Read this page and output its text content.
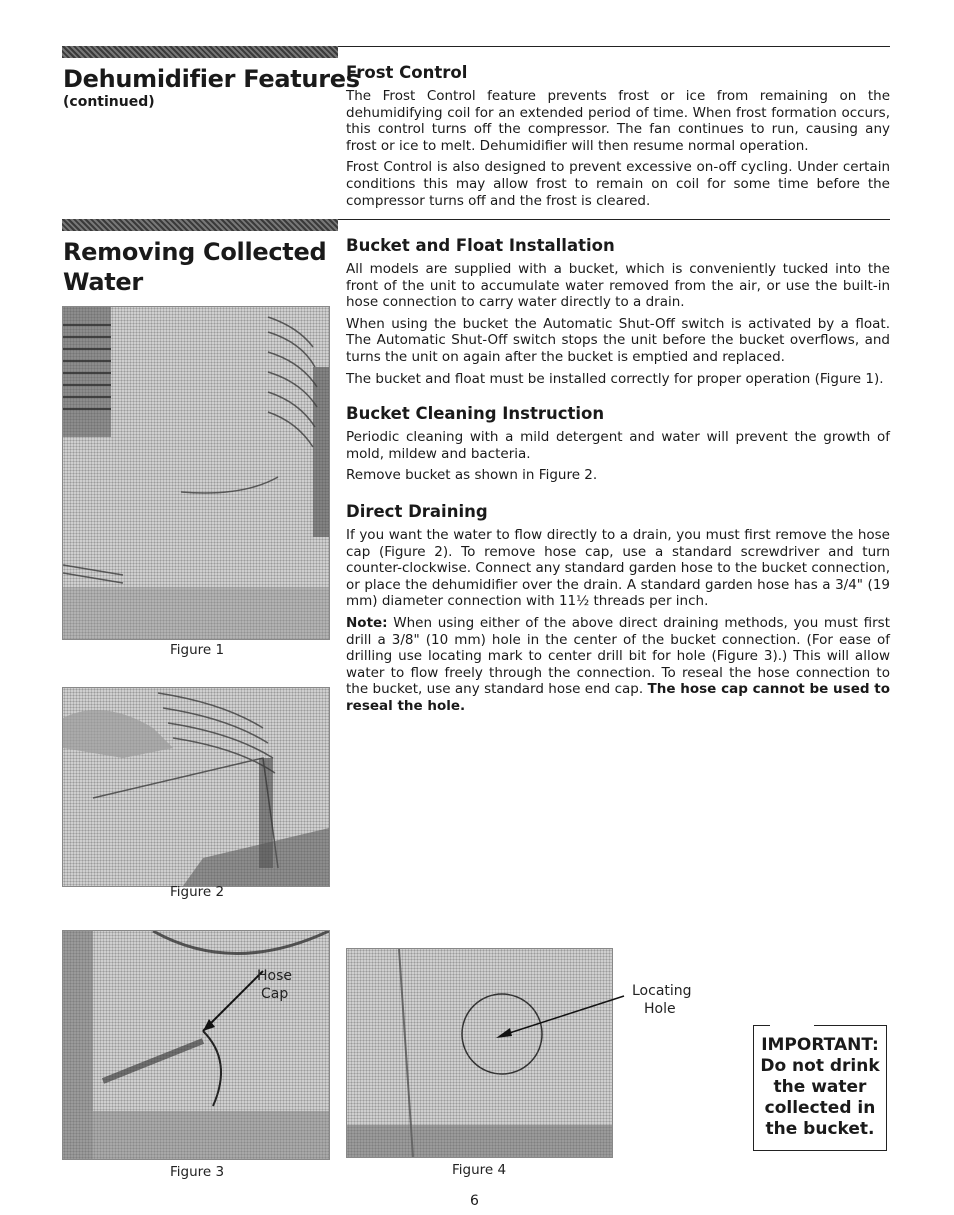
Dehumidifier Features
(continued)
Frost Control

The Frost Control feature prevents frost or ice from remaining on the dehumidifying coil for an extended period of time. When frost formation occurs, this control turns off the compressor. The fan continues to run, causing any frost or ice to melt. Dehumidifier will then resume normal operation.

Frost Control is also designed to prevent excessive on-off cycling. Under certain conditions this may allow frost to remain on coil for some time before the compressor turns off and the frost is cleared.

Removing Collected
Water
Bucket and Float Installation

All models are supplied with a bucket, which is conveniently tucked into the front of the unit to accumulate water removed from the air, or use the built-in hose connection to carry water directly to a drain.

When using the bucket the Automatic Shut-Off switch is activated by a float. The Automatic Shut-Off switch stops the unit before the bucket overflows, and turns the unit on again after the bucket is emptied and replaced.

The bucket and float must be installed correctly for proper operation (Figure 1).

Bucket Cleaning Instruction

Periodic cleaning with a mild detergent and water will prevent the growth of mold, mildew and bacteria.

Remove bucket as shown in Figure 2.

Direct Draining

If you want the water to flow directly to a drain, you must first remove the hose cap (Figure 2). To remove hose cap, use a standard screwdriver and turn counter-clockwise. Connect any standard garden hose to the bucket connection, or place the dehumidifier over the drain. A standard garden hose has a 3/4" (19 mm) diameter connection with 11½ threads per inch.

Note: When using either of the above direct draining methods, you must first drill a 3/8" (10 mm) hole in the center of the bucket connection. (For ease of drilling use locating mark to center drill bit for hole (Figure 3).) This will allow water to flow freely through the connection. To reseal the hose connection to the bucket, use any standard hose end cap. The hose cap cannot be used to reseal the hole.

Figure 1
Figure 2
Hose
Cap
Figure 3
Locating
Hole
Figure 4
IMPORTANT:
Do not drink
the water
collected in
the bucket.
6
